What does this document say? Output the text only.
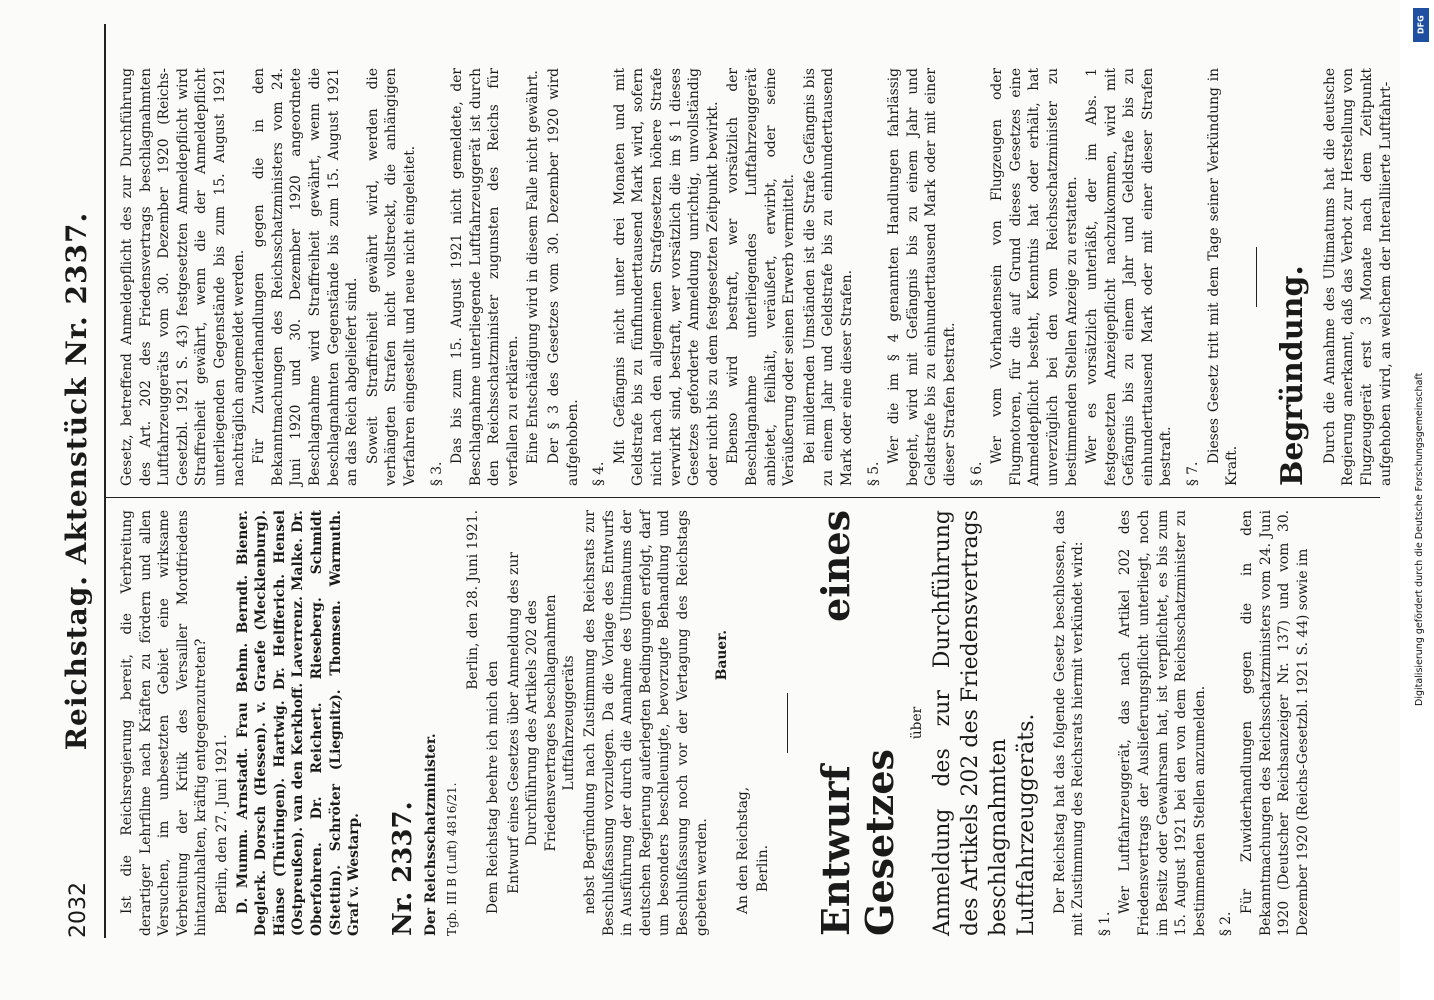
2032
Reichstag. Aktenstück Nr. 2337. Ist die Reichsregierung bereit, die Verbreitung derartiger Lehrfilme nach Kräften zu fördern und allen Versuchen, im unbesetzten Gebiet eine wirksame Verbreitung der Kritik des Versailler Mordfriedens hintanzuhalten, kräftig entgegenzutreten? Berlin, den 27. Juni 1921. D. Mumm. Arnstadt. Frau Behm. Berndt. Biener. Deglerk. Dorsch (Hessen). v. Graefe (Mecklenburg). Hänse (Thüringen). Hartwig. Dr. Helfferich. Hensel (Ostpreußen). van den Kerkhoff. Laverrenz. Malke. Dr. Oberfohren. Dr. Reichert. Rieseberg. Schmidt (Stettin). Schröter (Liegnitz). Thomsen. Warmuth. Graf v. Westarp. Nr. 2337. Der Reichsschatzminister. Tgb. III B (Luft) 4816/21.

Berlin, den 28. Juni 1921.

Dem Reichstag beehre ich mich den Entwurf eines Gesetzes über Anmeldung des zur Durchführung des Artikels 202 des Friedensvertrages beschlagnahmten Luftfahrzeuggeräts nebst Begründung nach Zustimmung des Reichsrats zur Beschlußfassung vorzulegen. Da die Vorlage des Entwurfs in Ausführung der durch die Annahme des Ultimatums der deutschen Regierung auferlegten Bedingungen erfolgt, darf um besonders beschleunigte, bevorzugte Behandlung und Beschlußfassung noch vor der Vertagung des Reichstags gebeten werden.

Bauer.

An den Reichstag, Berlin. Entwurf eines Gesetzes

über Anmeldung des zur Durchführung des Artikels 202 des Friedensvertrags beschlagnahmten Luftfahrzeuggeräts. Der Reichstag hat das folgende Gesetz beschlossen, das mit Zustimmung des Reichsrats hiermit verkündet wird: § 1.

Wer Luftfahrzeuggerät, das nach Artikel 202 des Friedensvertrags der Auslieferungspflicht unterliegt, noch im Besitz oder Gewahrsam hat, ist verpflichtet, es bis zum 15. August 1921 bei den von dem Reichsschatzminister zu bestimmenden Stellen anzumelden. § 2.

Für Zuwiderhandlungen gegen die in den Bekanntmachungen des Reichsschatzministers vom 24. Juni 1920 (Deutscher Reichsanzeiger Nr. 137) und vom 30. Dezember 1920 (Reichs-Gesetzbl. 1921 S. 44) sowie im

Gesetz, betreffend Anmeldepflicht des zur Durchführung des Art. 202 des Friedensvertrags beschlagnahmten Luftfahrzeuggeräts vom 30. Dezember 1920 (Reichs-Gesetzbl. 1921 S. 43) festgesetzten Anmeldepflicht wird Straffreiheit gewährt, wenn die der Anmeldepflicht unterliegenden Gegenstände bis zum 15. August 1921 nachträglich angemeldet werden. Für Zuwiderhandlungen gegen die in den Bekanntmachungen des Reichsschatzministers vom 24. Juni 1920 und 30. Dezember 1920 angeordnete Beschlagnahme wird Straffreiheit gewährt, wenn die beschlagnahmten Gegenstände bis zum 15. August 1921 an das Reich abgeliefert sind. Soweit Straffreiheit gewährt wird, werden die verhängten Strafen nicht vollstreckt, die anhängigen Verfahren eingestellt und neue nicht eingeleitet. § 3.

Das bis zum 15. August 1921 nicht gemeldete, der Beschlagnahme unterliegende Luftfahrzeuggerät ist durch den Reichsschatzminister zugunsten des Reichs für verfallen zu erklären. Eine Entschädigung wird in diesem Falle nicht gewährt. Der § 3 des Gesetzes vom 30. Dezember 1920 wird aufgehoben. § 4.

Mit Gefängnis nicht unter drei Monaten und mit Geldstrafe bis zu fünfhunderttausend Mark wird, sofern nicht nach den allgemeinen Strafgesetzen höhere Strafe verwirkt sind, bestraft, wer vorsätzlich die im § 1 dieses Gesetzes geforderte Anmeldung unrichtig, unvollständig oder nicht bis zu dem festgesetzten Zeitpunkt bewirkt. Ebenso wird bestraft, wer vorsätzlich der Beschlagnahme unterliegendes Luftfahrzeuggerät anbietet, feilhält, veräußert, erwirbt, oder seine Veräußerung oder seinen Erwerb vermittelt. Bei mildernden Umständen ist die Strafe Gefängnis bis zu einem Jahr und Geldstrafe bis zu einhunderttausend Mark oder eine dieser Strafen. § 5.

Wer die im § 4 genannten Handlungen fahrlässig begeht, wird mit Gefängnis bis zu einem Jahr und Geldstrafe bis zu einhunderttausend Mark oder mit einer dieser Strafen bestraft. § 6.

Wer vom Vorhandensein von Flugzeugen oder Flugmotoren, für die auf Grund dieses Gesetzes eine Anmeldepflicht besteht, Kenntnis hat oder erhält, hat unverzüglich bei den vom Reichsschatzminister zu bestimmenden Stellen Anzeige zu erstatten. Wer es vorsätzlich unterläßt, der im Abs. 1 festgesetzten Anzeigepflicht nachzukommen, wird mit Gefängnis bis zu einem Jahr und Geldstrafe bis zu einhunderttausend Mark oder mit einer dieser Strafen bestraft. § 7.

Dieses Gesetz tritt mit dem Tage seiner Verkündung in Kraft. Begründung. Durch die Annahme des Ultimatums hat die deutsche Regierung anerkannt, daß das Verbot zur Herstellung von Flugzeuggerät erst 3 Monate nach dem Zeitpunkt aufgehoben wird, an welchem der Interalliierte Luftfahrt-

DFG
Digitalisierung gefördert durch die Deutsche Forschungsgemeinschaft
